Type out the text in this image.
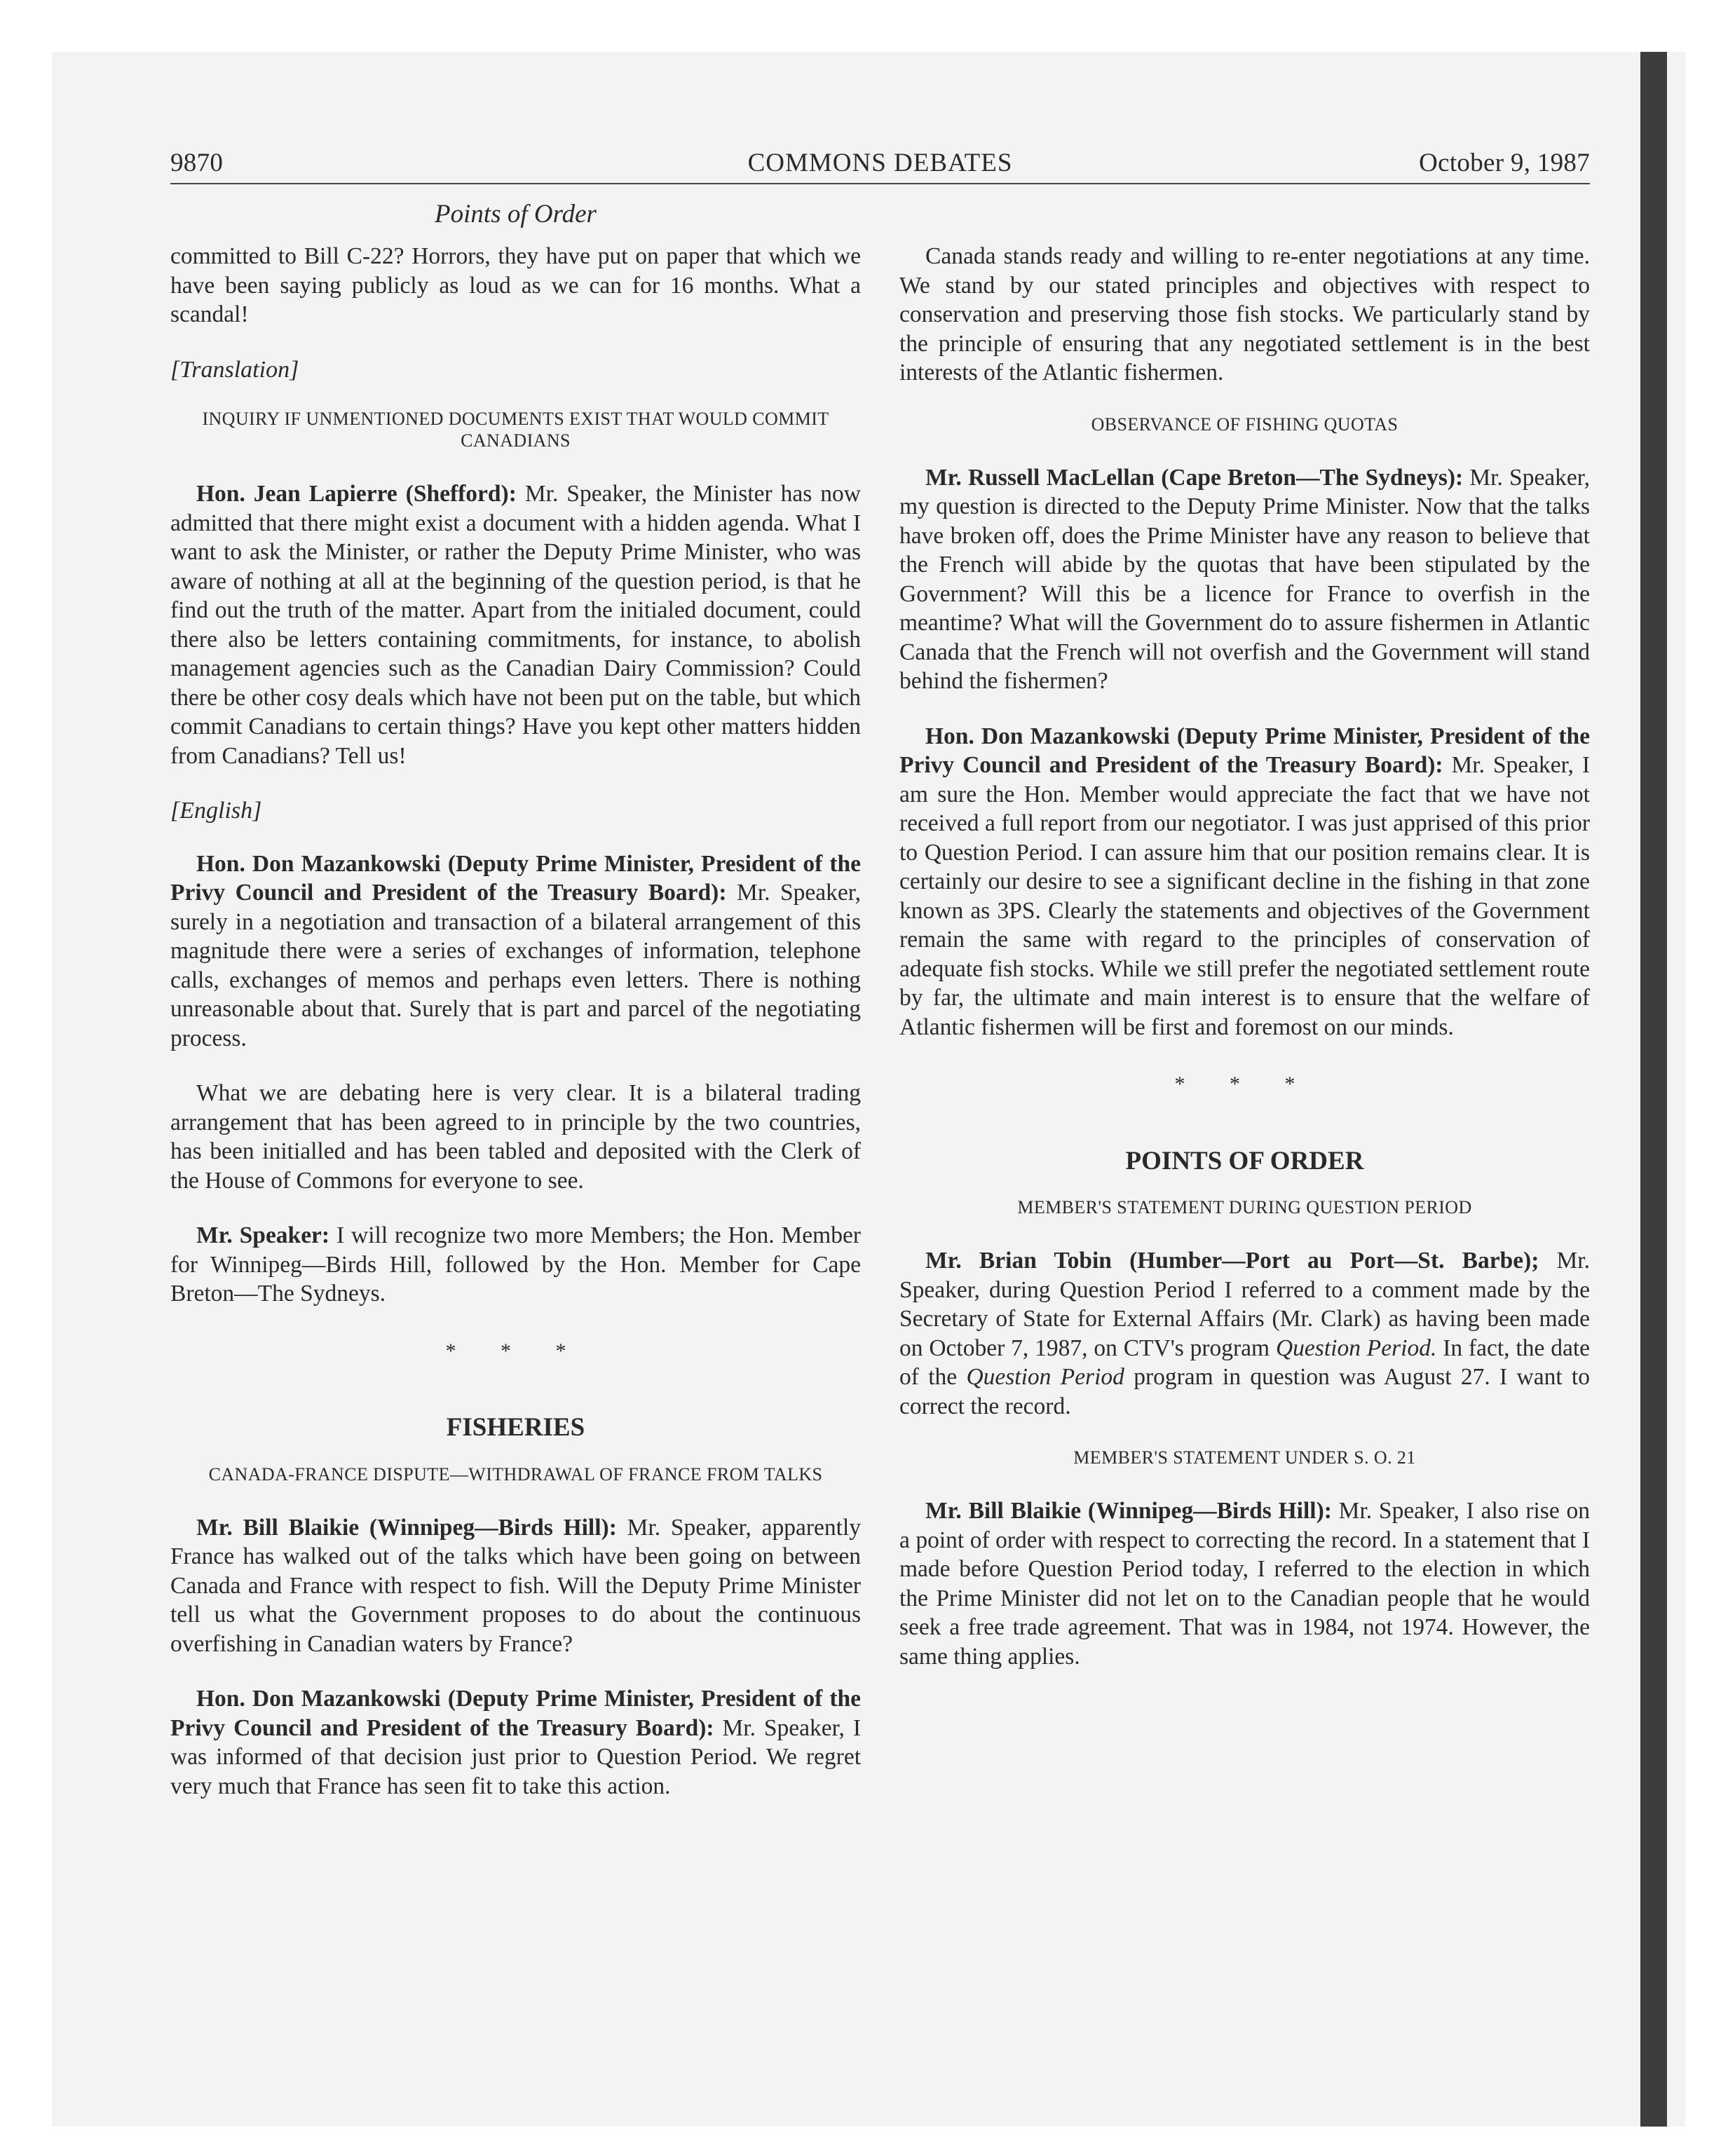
9870	COMMONS DEBATES	October 9, 1987
Points of Order

committed to Bill C-22? Horrors, they have put on paper that which we have been saying publicly as loud as we can for 16 months. What a scandal!

[Translation]
INQUIRY IF UNMENTIONED DOCUMENTS EXIST THAT WOULD COMMIT CANADIANS

Hon. Jean Lapierre (Shefford): Mr. Speaker, the Minister has now admitted that there might exist a document with a hidden agenda. What I want to ask the Minister, or rather the Deputy Prime Minister, who was aware of nothing at all at the beginning of the question period, is that he find out the truth of the matter. Apart from the initialed document, could there also be letters containing commitments, for instance, to abolish management agencies such as the Canadian Dairy Commission? Could there be other cosy deals which have not been put on the table, but which commit Canadians to certain things? Have you kept other matters hidden from Canadians? Tell us!

[English]

Hon. Don Mazankowski (Deputy Prime Minister, President of the Privy Council and President of the Treasury Board): Mr. Speaker, surely in a negotiation and transaction of a bilateral arrangement of this magnitude there were a series of exchanges of information, telephone calls, exchanges of memos and perhaps even letters. There is nothing unreasonable about that. Surely that is part and parcel of the negotiating process.

What we are debating here is very clear. It is a bilateral trading arrangement that has been agreed to in principle by the two countries, has been initialled and has been tabled and deposited with the Clerk of the House of Commons for everyone to see.

Mr. Speaker: I will recognize two more Members; the Hon. Member for Winnipeg—Birds Hill, followed by the Hon. Member for Cape Breton—The Sydneys.

* * *
FISHERIES
CANADA-FRANCE DISPUTE—WITHDRAWAL OF FRANCE FROM TALKS

Mr. Bill Blaikie (Winnipeg—Birds Hill): Mr. Speaker, apparently France has walked out of the talks which have been going on between Canada and France with respect to fish. Will the Deputy Prime Minister tell us what the Government proposes to do about the continuous overfishing in Canadian waters by France?

Hon. Don Mazankowski (Deputy Prime Minister, President of the Privy Council and President of the Treasury Board): Mr. Speaker, I was informed of that decision just prior to Question Period. We regret very much that France has seen fit to take this action.

Canada stands ready and willing to re-enter negotiations at any time. We stand by our stated principles and objectives with respect to conservation and preserving those fish stocks. We particularly stand by the principle of ensuring that any negotiated settlement is in the best interests of the Atlantic fishermen.

OBSERVANCE OF FISHING QUOTAS

Mr. Russell MacLellan (Cape Breton—The Sydneys): Mr. Speaker, my question is directed to the Deputy Prime Minister. Now that the talks have broken off, does the Prime Minister have any reason to believe that the French will abide by the quotas that have been stipulated by the Government? Will this be a licence for France to overfish in the meantime? What will the Government do to assure fishermen in Atlantic Canada that the French will not overfish and the Government will stand behind the fishermen?

Hon. Don Mazankowski (Deputy Prime Minister, President of the Privy Council and President of the Treasury Board): Mr. Speaker, I am sure the Hon. Member would appreciate the fact that we have not received a full report from our negotiator. I was just apprised of this prior to Question Period. I can assure him that our position remains clear. It is certainly our desire to see a significant decline in the fishing in that zone known as 3PS. Clearly the statements and objectives of the Government remain the same with regard to the principles of conservation of adequate fish stocks. While we still prefer the negotiated settlement route by far, the ultimate and main interest is to ensure that the welfare of Atlantic fishermen will be first and foremost on our minds.

* * *
POINTS OF ORDER
MEMBER'S STATEMENT DURING QUESTION PERIOD

Mr. Brian Tobin (Humber—Port au Port—St. Barbe); Mr. Speaker, during Question Period I referred to a comment made by the Secretary of State for External Affairs (Mr. Clark) as having been made on October 7, 1987, on CTV's program Question Period. In fact, the date of the Question Period program in question was August 27. I want to correct the record.

MEMBER'S STATEMENT UNDER S. O. 21

Mr. Bill Blaikie (Winnipeg—Birds Hill): Mr. Speaker, I also rise on a point of order with respect to correcting the record. In a statement that I made before Question Period today, I referred to the election in which the Prime Minister did not let on to the Canadian people that he would seek a free trade agreement. That was in 1984, not 1974. However, the same thing applies.
